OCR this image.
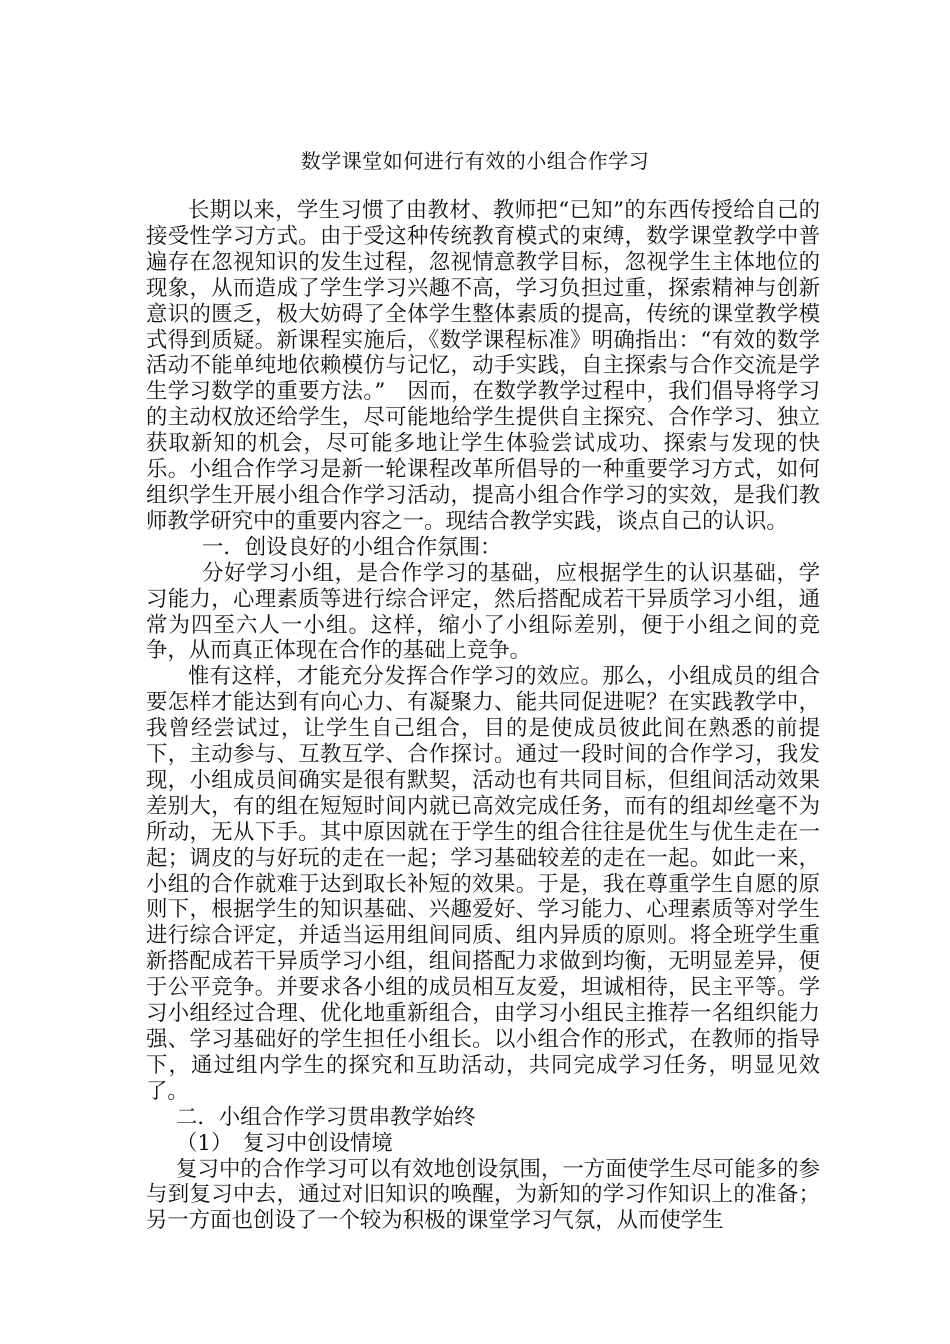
数学课堂如何进行有效的小组合作学习

长期以来，学生习惯了由教材、教师把“已知”的东西传授给自己的接受性学习方式。由于受这种传统教育模式的束缚，数学课堂教学中普遍存在忽视知识的发生过程，忽视情意教学目标，忽视学生主体地位的现象，从而造成了学生学习兴趣不高，学习负担过重，探索精神与创新意识的匮乏，极大妨碍了全体学生整体素质的提高，传统的课堂教学模式得到质疑。新课程实施后，《数学课程标准》明确指出：“有效的数学活动不能单纯地依赖模仿与记忆，动手实践，自主探索与合作交流是学生学习数学的重要方法。”　因而，在数学教学过程中，我们倡导将学习的主动权放还给学生，尽可能地给学生提供自主探究、合作学习、独立获取新知的机会，尽可能多地让学生体验尝试成功、探索与发现的快乐。小组合作学习是新一轮课程改革所倡导的一种重要学习方式，如何组织学生开展小组合作学习活动，提高小组合作学习的实效，是我们教师教学研究中的重要内容之一。现结合教学实践，谈点自己的认识。

一．创设良好的小组合作氛围：

分好学习小组，是合作学习的基础，应根据学生的认识基础，学习能力，心理素质等进行综合评定，然后搭配成若干异质学习小组，通常为四至六人一小组。这样，缩小了小组际差别，便于小组之间的竞争，从而真正体现在合作的基础上竞争。

惟有这样，才能充分发挥合作学习的效应。那么，小组成员的组合要怎样才能达到有向心力、有凝聚力、能共同促进呢？在实践教学中，我曾经尝试过，让学生自己组合，目的是使成员彼此间在熟悉的前提下，主动参与、互教互学、合作探讨。通过一段时间的合作学习，我发现，小组成员间确实是很有默契，活动也有共同目标，但组间活动效果差别大，有的组在短短时间内就已高效完成任务，而有的组却丝毫不为所动，无从下手。其中原因就在于学生的组合往往是优生与优生走在一起；调皮的与好玩的走在一起；学习基础较差的走在一起。如此一来，小组的合作就难于达到取长补短的效果。于是，我在尊重学生自愿的原则下，根据学生的知识基础、兴趣爱好、学习能力、心理素质等对学生进行综合评定，并适当运用组间同质、组内异质的原则。将全班学生重新搭配成若干异质学习小组，组间搭配力求做到均衡，无明显差异，便于公平竞争。并要求各小组的成员相互友爱，坦诚相待，民主平等。学习小组经过合理、优化地重新组合，由学习小组民主推荐一名组织能力强、学习基础好的学生担任小组长。以小组合作的形式，在教师的指导下，通过组内学生的探究和互助活动，共同完成学习任务，明显见效了。

二．小组合作学习贯串教学始终

（1）　复习中创设情境

复习中的合作学习可以有效地创设氛围，一方面使学生尽可能多的参与到复习中去，通过对旧知识的唤醒，为新知的学习作知识上的准备；另一方面也创设了一个较为积极的课堂学习气氛，从而使学生
